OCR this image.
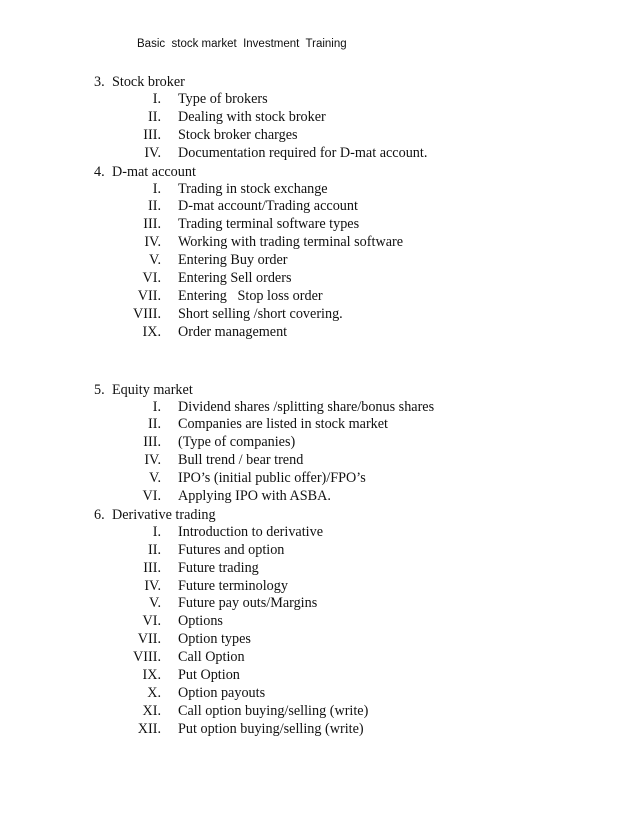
Basic  stock market  Investment  Training
3. Stock broker
I. Type of brokers
II. Dealing with stock broker
III. Stock broker charges
IV. Documentation required for D-mat account.
4. D-mat account
I. Trading in stock exchange
II. D-mat account/Trading account
III. Trading terminal software types
IV. Working with trading terminal software
V. Entering Buy order
VI. Entering Sell orders
VII. Entering   Stop loss order
VIII. Short selling /short covering.
IX. Order management
5. Equity market
I. Dividend shares /splitting share/bonus shares
II. Companies are listed in stock market
III. (Type of companies)
IV. Bull trend / bear trend
V. IPO’s (initial public offer)/FPO’s
VI. Applying IPO with ASBA.
6. Derivative trading
I. Introduction to derivative
II. Futures and option
III. Future trading
IV. Future terminology
V. Future pay outs/Margins
VI. Options
VII. Option types
VIII. Call Option
IX. Put Option
X. Option payouts
XI. Call option buying/selling (write)
XII. Put option buying/selling (write)
